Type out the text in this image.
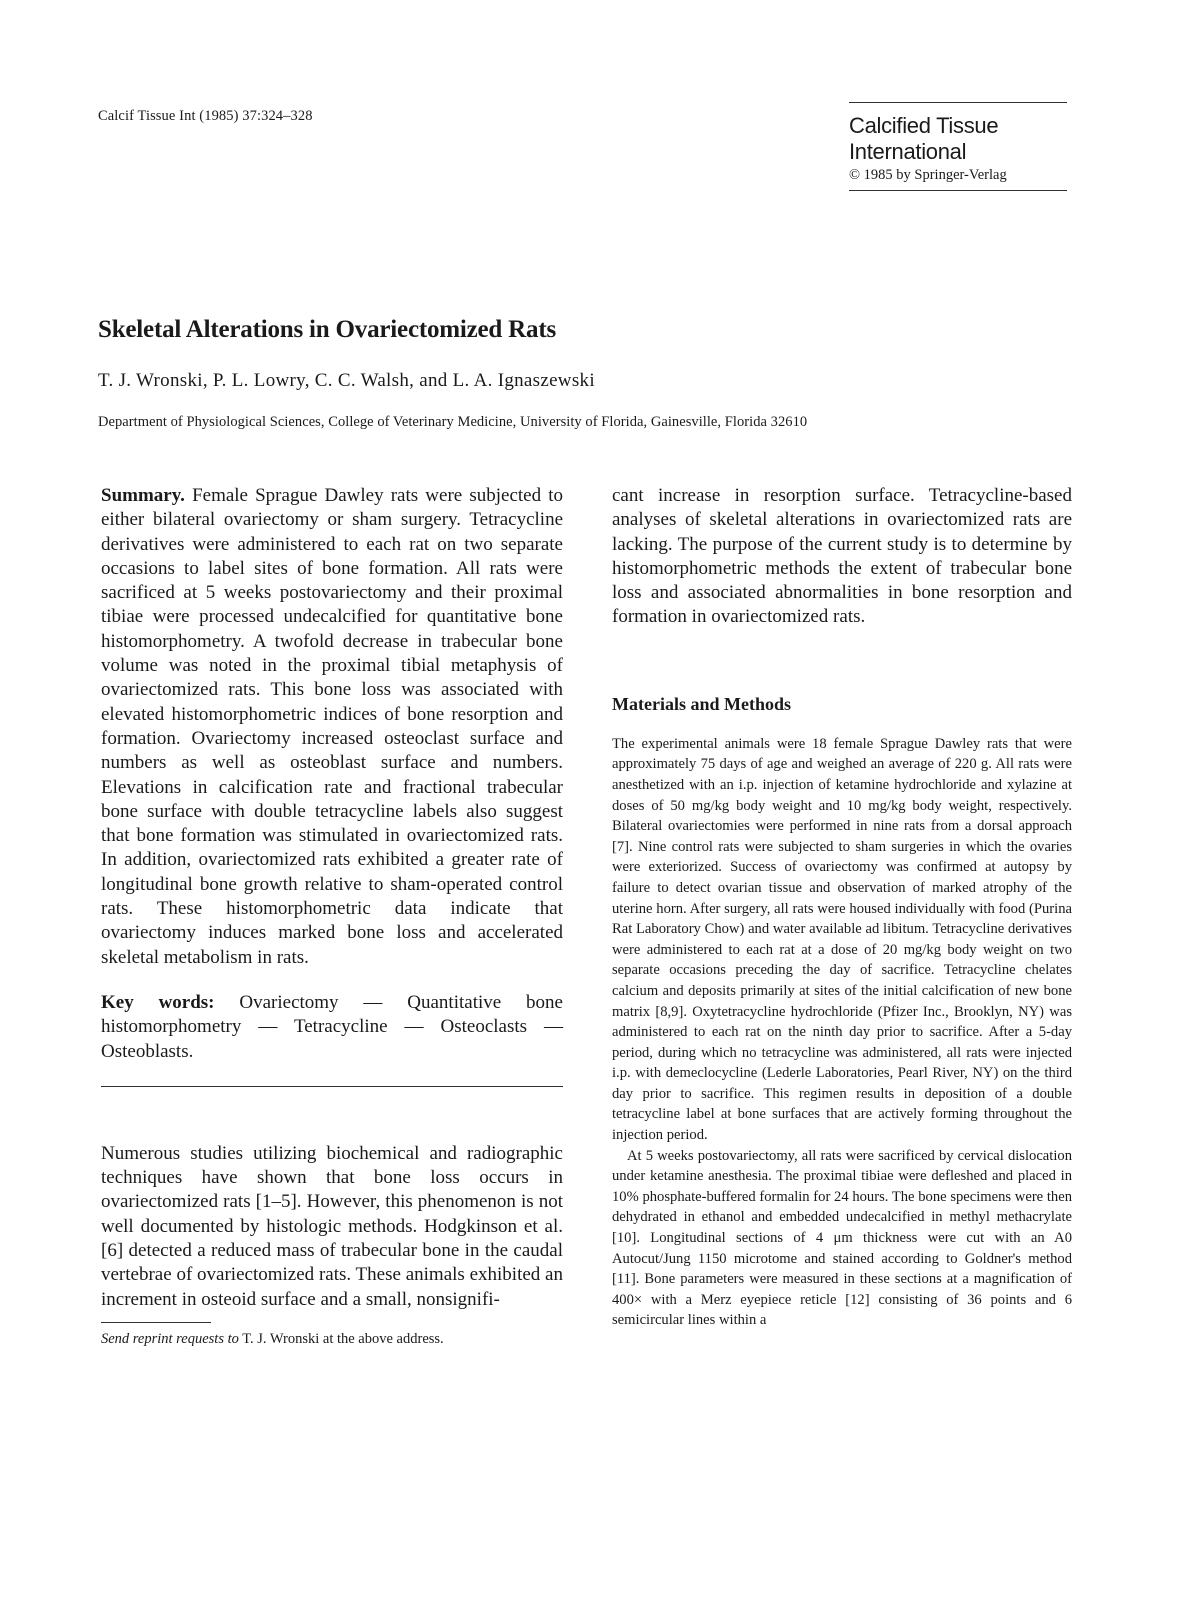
Calcif Tissue Int (1985) 37:324–328	Calcified Tissue
International
© 1985 by Springer-Verlag
Skeletal Alterations in Ovariectomized Rats
T. J. Wronski, P. L. Lowry, C. C. Walsh, and L. A. Ignaszewski
Department of Physiological Sciences, College of Veterinary Medicine, University of Florida, Gainesville, Florida 32610

Summary. Female Sprague Dawley rats were subjected to either bilateral ovariectomy or sham surgery. Tetracycline derivatives were administered to each rat on two separate occasions to label sites of bone formation. All rats were sacrificed at 5 weeks postovariectomy and their proximal tibiae were processed undecalcified for quantitative bone histomorphometry. A twofold decrease in trabecular bone volume was noted in the proximal tibial metaphysis of ovariectomized rats. This bone loss was associated with elevated histomorphometric indices of bone resorption and formation. Ovariectomy increased osteoclast surface and numbers as well as osteoblast surface and numbers. Elevations in calcification rate and fractional trabecular bone surface with double tetracycline labels also suggest that bone formation was stimulated in ovariectomized rats. In addition, ovariectomized rats exhibited a greater rate of longitudinal bone growth relative to sham-operated control rats. These histomorphometric data indicate that ovariectomy induces marked bone loss and accelerated skeletal metabolism in rats.

Key words: Ovariectomy — Quantitative bone histomorphometry — Tetracycline — Osteoclasts — Osteoblasts.

Numerous studies utilizing biochemical and radiographic techniques have shown that bone loss occurs in ovariectomized rats [1–5]. However, this phenomenon is not well documented by histologic methods. Hodgkinson et al. [6] detected a reduced mass of trabecular bone in the caudal vertebrae of ovariectomized rats. These animals exhibited an increment in osteoid surface and a small, nonsignifi-

Send reprint requests to T. J. Wronski at the above address.

cant increase in resorption surface. Tetracycline-based analyses of skeletal alterations in ovariectomized rats are lacking. The purpose of the current study is to determine by histomorphometric methods the extent of trabecular bone loss and associated abnormalities in bone resorption and formation in ovariectomized rats.

Materials and Methods

The experimental animals were 18 female Sprague Dawley rats that were approximately 75 days of age and weighed an average of 220 g. All rats were anesthetized with an i.p. injection of ketamine hydrochloride and xylazine at doses of 50 mg/kg body weight and 10 mg/kg body weight, respectively. Bilateral ovariectomies were performed in nine rats from a dorsal approach [7]. Nine control rats were subjected to sham surgeries in which the ovaries were exteriorized. Success of ovariectomy was confirmed at autopsy by failure to detect ovarian tissue and observation of marked atrophy of the uterine horn. After surgery, all rats were housed individually with food (Purina Rat Laboratory Chow) and water available ad libitum. Tetracycline derivatives were administered to each rat at a dose of 20 mg/kg body weight on two separate occasions preceding the day of sacrifice. Tetracycline chelates calcium and deposits primarily at sites of the initial calcification of new bone matrix [8,9]. Oxytetracycline hydrochloride (Pfizer Inc., Brooklyn, NY) was administered to each rat on the ninth day prior to sacrifice. After a 5-day period, during which no tetracycline was administered, all rats were injected i.p. with demeclocycline (Lederle Laboratories, Pearl River, NY) on the third day prior to sacrifice. This regimen results in deposition of a double tetracycline label at bone surfaces that are actively forming throughout the injection period.

At 5 weeks postovariectomy, all rats were sacrificed by cervical dislocation under ketamine anesthesia. The proximal tibiae were defleshed and placed in 10% phosphate-buffered formalin for 24 hours. The bone specimens were then dehydrated in ethanol and embedded undecalcified in methyl methacrylate [10]. Longitudinal sections of 4 μm thickness were cut with an A0 Autocut/Jung 1150 microtome and stained according to Goldner's method [11]. Bone parameters were measured in these sections at a magnification of 400× with a Merz eyepiece reticle [12] consisting of 36 points and 6 semicircular lines within a
